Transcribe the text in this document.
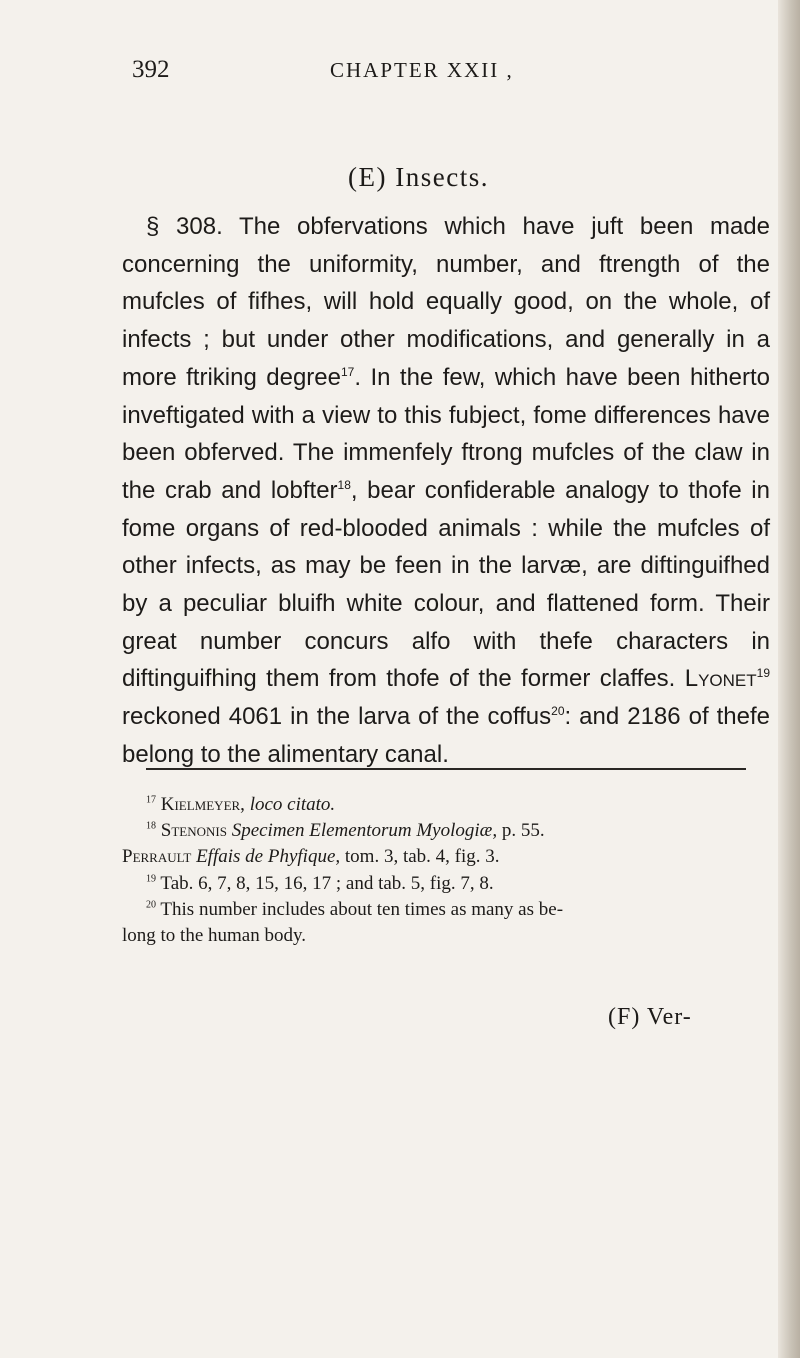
392	CHAPTER XXII ,
(E) Insects.

§ 308. The obfervations which have juft been made concerning the uniformity, number, and ftrength of the mufcles of fifhes, will hold equally good, on the whole, of infects ; but under other modifications, and generally in a more ftriking degree$^{17}$. In the few, which have been hitherto inveftigated with a view to this fubject, fome differences have been obferved. The immenfely ftrong mufcles of the claw in the crab and lobfter$^{18}$, bear confiderable analogy to thofe in fome organs of red-blooded animals : while the mufcles of other infects, as may be feen in the larvæ, are diftinguifhed by a peculiar bluifh white colour, and flattened form. Their great number concurs alfo with thefe characters in diftinguifhing them from thofe of the former claffes. Lyonet$^{19}$ reckoned 4061 in the larva of the coffus$^{20}$: and 2186 of thefe belong to the alimentary canal.

$^{17}$ Kielmeyer, loco citato.

$^{18}$ Stenonis Specimen Elementorum Myologiæ, p. 55.

Perrault Effais de Phyfique, tom. 3, tab. 4, fig. 3.

$^{19}$ Tab. 6, 7, 8, 15, 16, 17 ; and tab. 5, fig. 7, 8.

$^{20}$ This number includes about ten times as many as be-

long to the human body.

(F) Ver-
